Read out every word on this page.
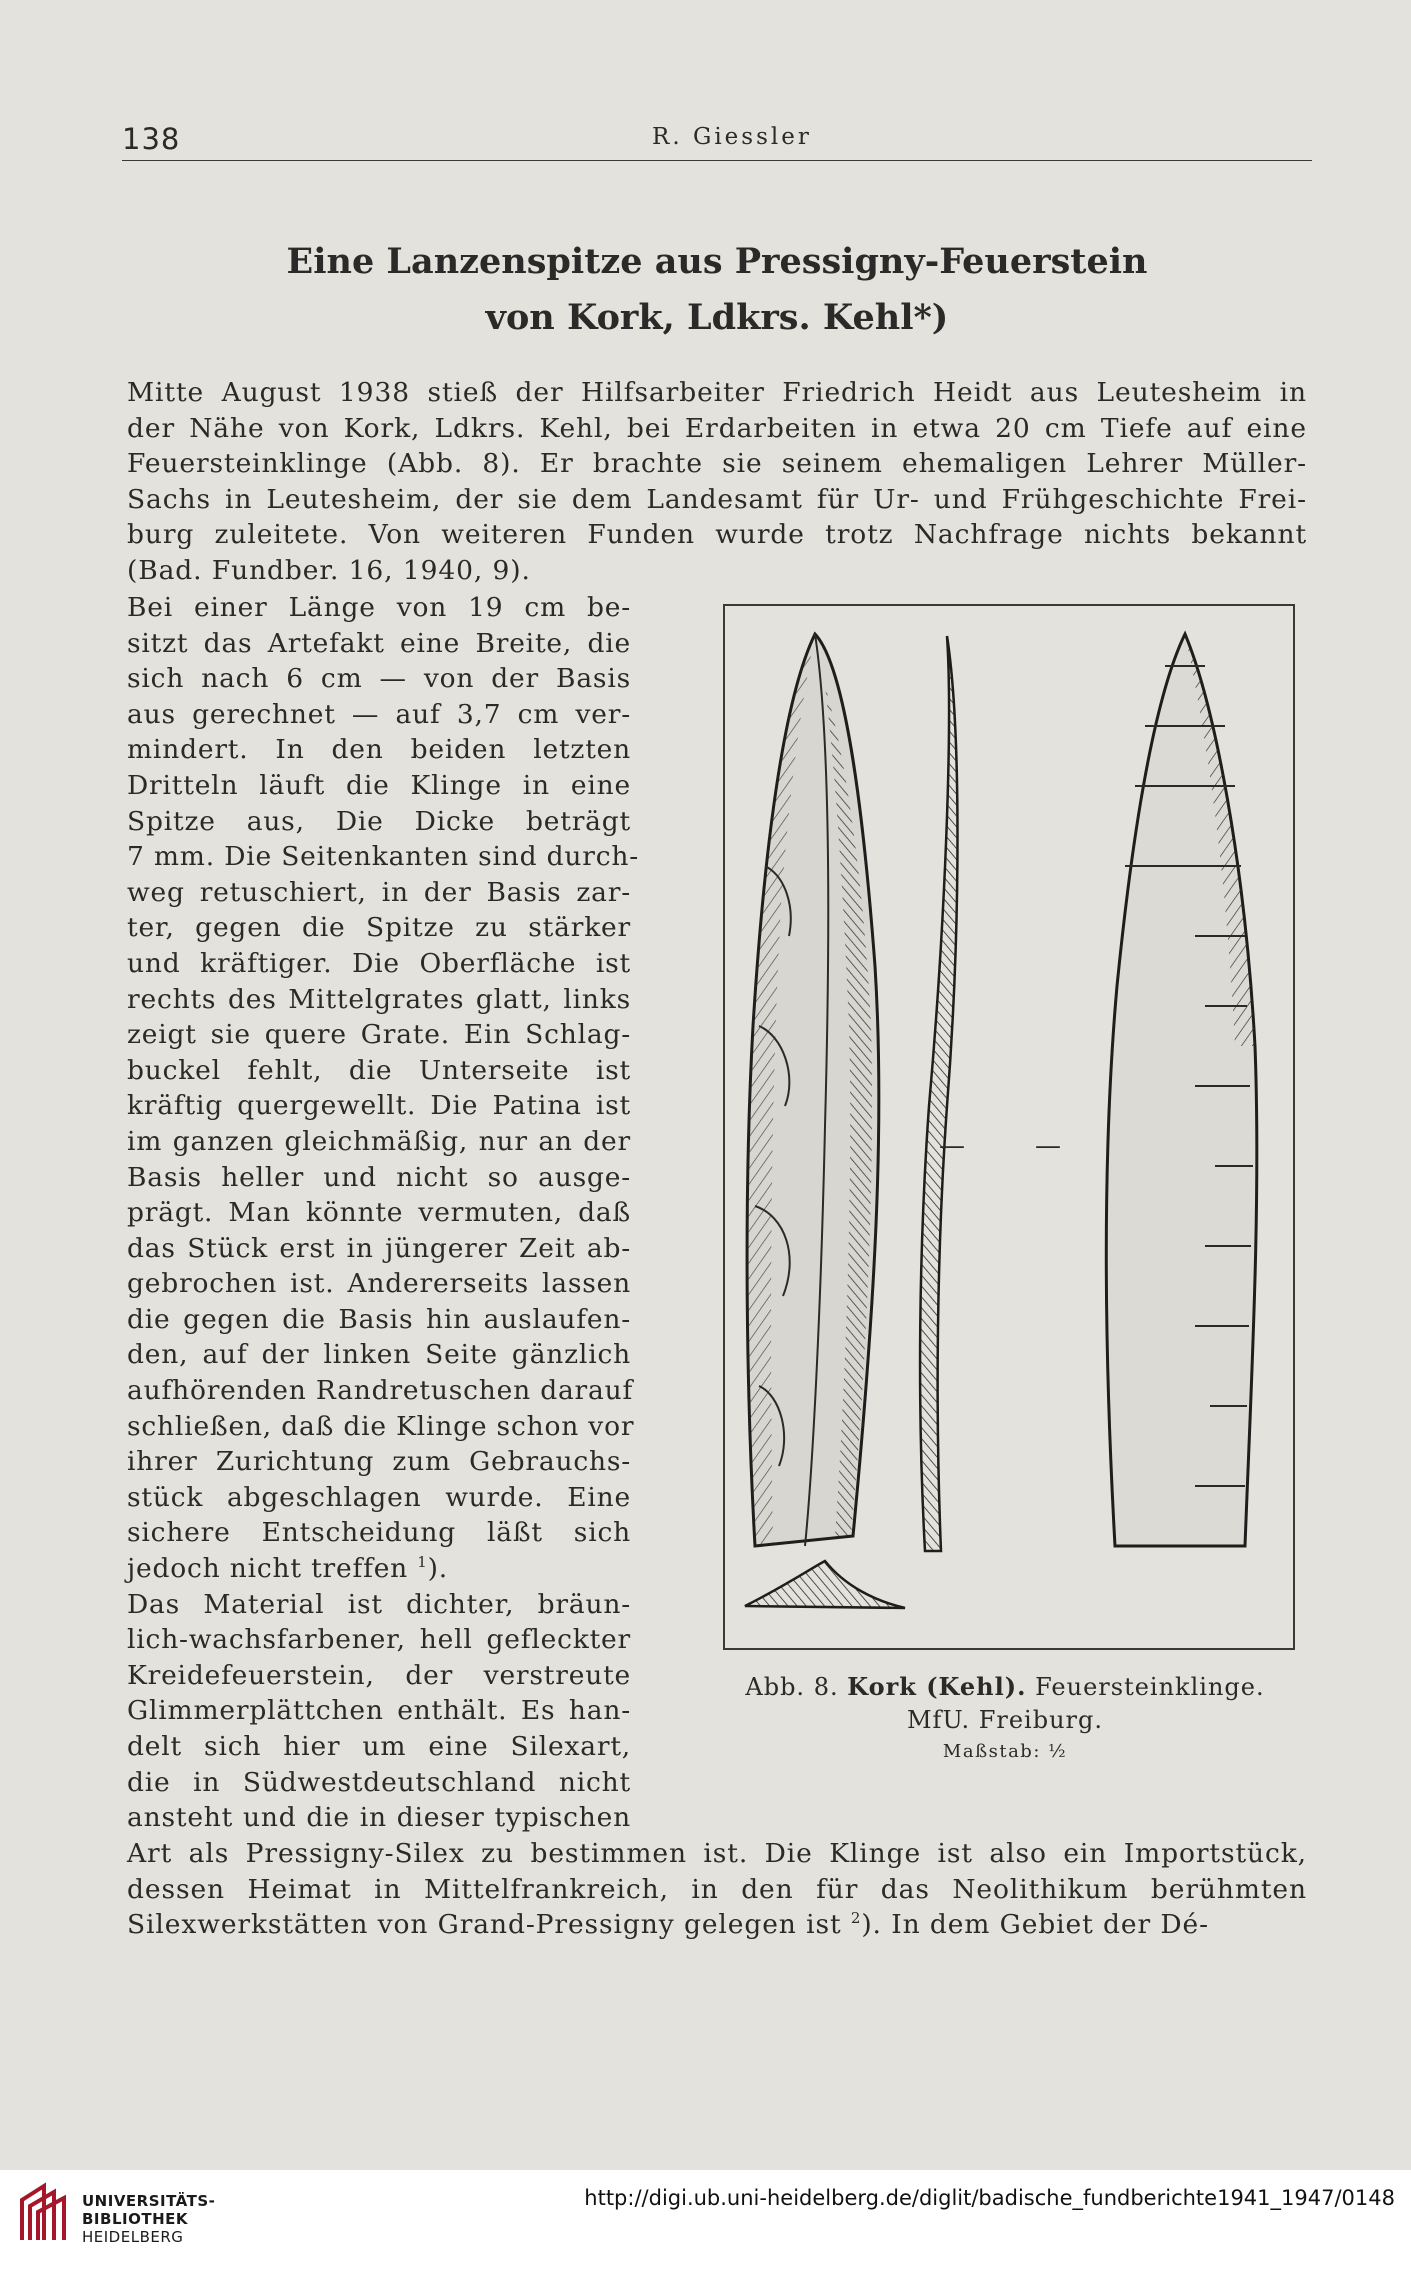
138	R. Giessler
Eine Lanzenspitze aus Pressigny-Feuerstein
von Kork, Ldkrs. Kehl*)
Mitte August 1938 stieß der Hilfsarbeiter Friedrich Heidt aus Leutesheim in
der Nähe von Kork, Ldkrs. Kehl, bei Erdarbeiten in etwa 20 cm Tiefe auf eine
Feuersteinklinge (Abb. 8). Er brachte sie seinem ehemaligen Lehrer Müller-
Sachs in Leutesheim, der sie dem Landesamt für Ur- und Frühgeschichte Frei-
burg zuleitete. Von weiteren Funden wurde trotz Nachfrage nichts bekannt
(Bad. Fundber. 16, 1940, 9).
Bei einer Länge von 19 cm be-
sitzt das Artefakt eine Breite, die
sich nach 6 cm — von der Basis
aus gerechnet — auf 3,7 cm ver-
mindert. In den beiden letzten
Dritteln läuft die Klinge in eine
Spitze aus, Die Dicke beträgt
7 mm. Die Seitenkanten sind durch-
weg retuschiert, in der Basis zar-
ter, gegen die Spitze zu stärker
und kräftiger. Die Oberfläche ist
rechts des Mittelgrates glatt, links
zeigt sie quere Grate. Ein Schlag-
buckel fehlt, die Unterseite ist
kräftig quergewellt. Die Patina ist
im ganzen gleichmäßig, nur an der
Basis heller und nicht so ausge-
prägt. Man könnte vermuten, daß
das Stück erst in jüngerer Zeit ab-
gebrochen ist. Andererseits lassen
die gegen die Basis hin auslaufen-
den, auf der linken Seite gänzlich
aufhörenden Randretuschen darauf
schließen, daß die Klinge schon vor
ihrer Zurichtung zum Gebrauchs-
stück abgeschlagen wurde. Eine
sichere Entscheidung läßt sich
jedoch nicht treffen $^1$).
Das Material ist dichter, bräun-
lich-wachsfarbener, hell gefleckter
Kreidefeuerstein, der verstreute
Glimmerplättchen enthält. Es han-
delt sich hier um eine Silexart,
die in Südwestdeutschland nicht
ansteht und die in dieser typischen
—	—
Abb. 8. Kork (Kehl). Feuersteinklinge.
MfU. Freiburg.
Maßstab: ½
Art als Pressigny-Silex zu bestimmen ist. Die Klinge ist also ein Importstück,
dessen Heimat in Mittelfrankreich, in den für das Neolithikum berühmten
Silexwerkstätten von Grand-Pressigny gelegen ist $^2$). In dem Gebiet der Dé-
UNIVERSITÄTS-
BIBLIOTHEK
HEIDELBERG
http://digi.ub.uni-heidelberg.de/diglit/badische_fundberichte1941_1947/0148
